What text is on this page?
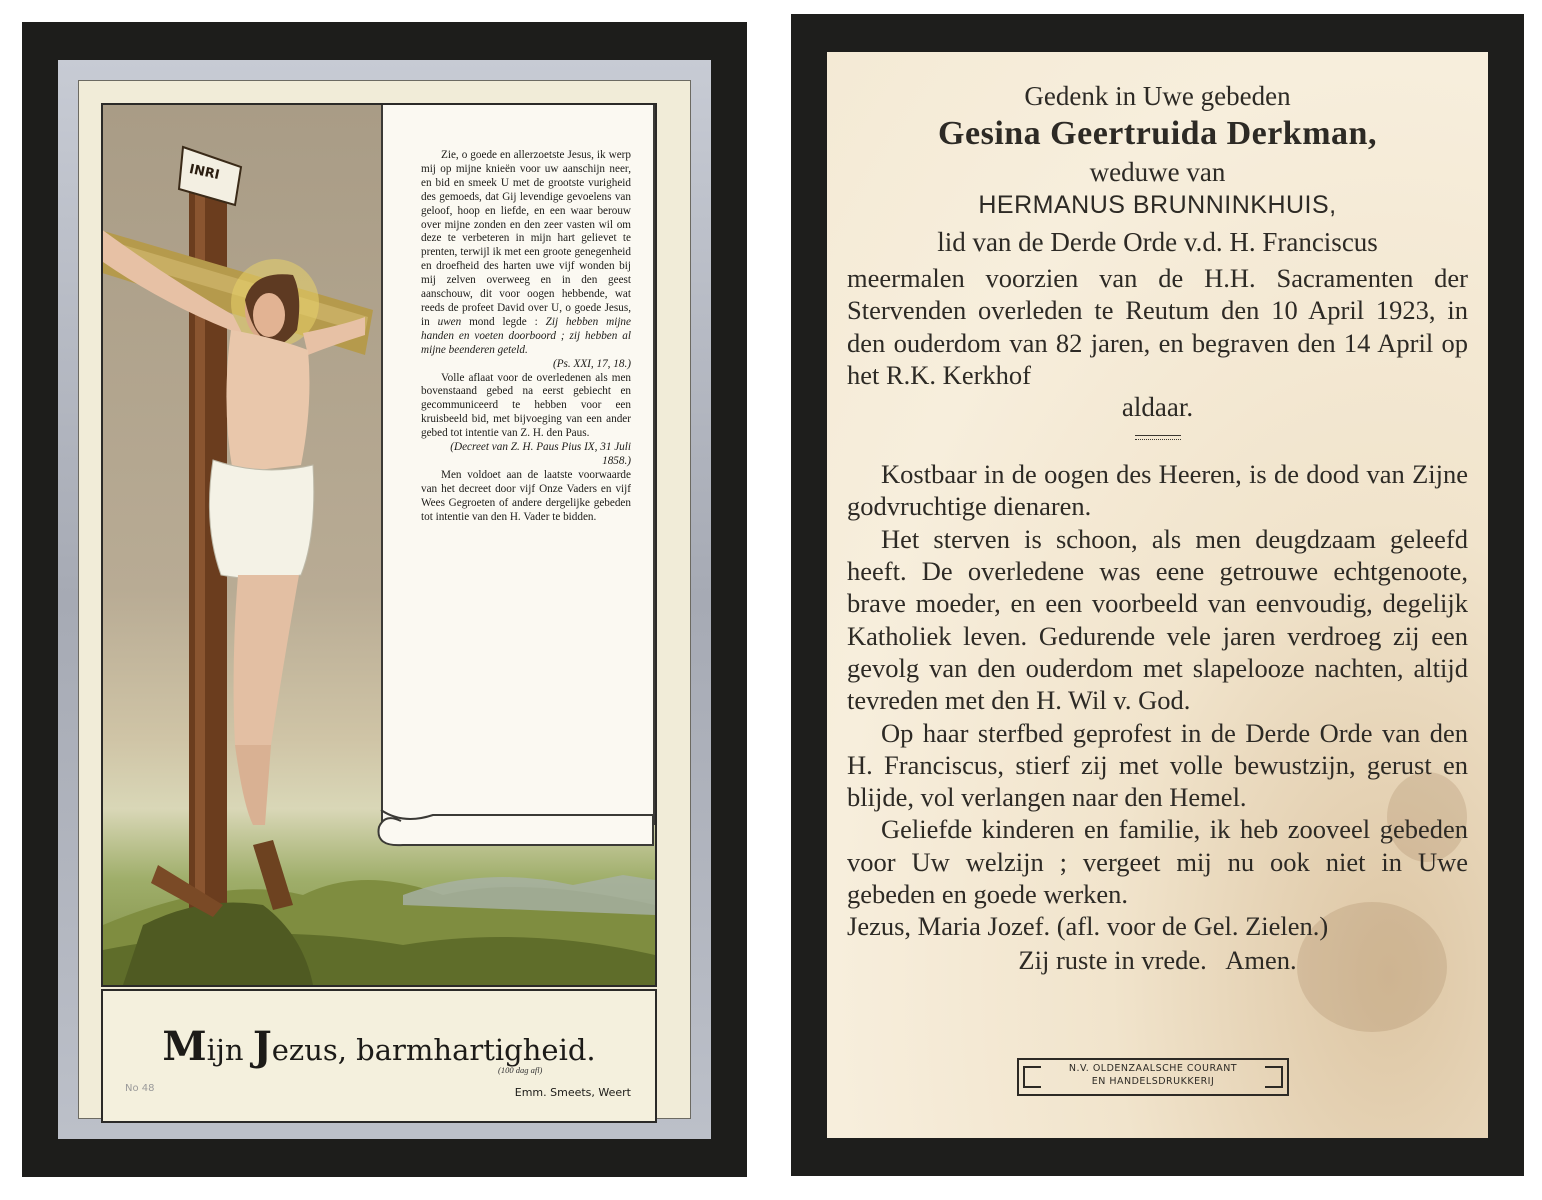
INRI

Zie, o goede en allerzoetste Jesus, ik werp mij op mijne knieën voor uw aanschijn neer, en bid en smeek U met de grootste vurigheid des gemoeds, dat Gij levendige gevoelens van geloof, hoop en liefde, en een waar berouw over mijne zonden en den zeer vasten wil om deze te verbeteren in mijn hart gelievet te prenten, terwijl ik met een groote genegenheid en droefheid des harten uwe vijf wonden bij mij zelven overweeg en in den geest aanschouw, dit voor oogen hebbende, wat reeds de profeet David over U, o goede Jesus, in uwen mond legde : Zij hebben mijne handen en voeten doorboord ; zij hebben al mijne beenderen geteld.

(Ps. XXI, 17, 18.)

Volle aflaat voor de overledenen als men bovenstaand gebed na eerst gebiecht en gecommuniceerd te hebben voor een kruisbeeld bid, met bijvoeging van een ander gebed tot intentie van Z. H. den Paus.

(Decreet van Z. H. Paus Pius IX, 31 Juli 1858.)

Men voldoet aan de laatste voorwaarde van het decreet door vijf Onze Vaders en vijf Wees Gegroeten of andere dergelijke gebeden tot intentie van den H. Vader te bidden.

Mijn Jezus, barmhartigheid.
(100 dag afl)
No 48	Emm. Smeets, Weert
Gedenk in Uwe gebeden
Gesina Geertruida Derkman,
weduwe van
HERMANUS BRUNNINKHUIS,
lid van de Derde Orde v.d. H. Franciscus

meermalen voorzien van de H.H. Sacramenten der Stervenden overleden te Reutum den 10 April 1923, in den ouderdom van 82 jaren, en begraven den 14 April op het R.K. Kerkhof

aldaar.

Kostbaar in de oogen des Heeren, is de dood van Zijne godvruchtige dienaren.

Het sterven is schoon, als men deugdzaam geleefd heeft. De overledene was eene getrouwe echtgenoote, brave moeder, en een voorbeeld van eenvoudig, degelijk Katholiek leven. Gedurende vele jaren verdroeg zij een gevolg van den ouderdom met slapelooze nachten, altijd tevreden met den H. Wil v. God.

Op haar sterfbed geprofest in de Derde Orde van den H. Franciscus, stierf zij met volle bewustzijn, gerust en blijde, vol verlangen naar den Hemel.

Geliefde kinderen en familie, ik heb zooveel gebeden voor Uw welzijn ; vergeet mij nu ook niet in Uwe gebeden en goede werken.

Jezus, Maria Jozef. (afl. voor de Gel. Zielen.)

Zij ruste in vrede.   Amen.
N.V. OLDENZAALSCHE COURANT
EN HANDELSDRUKKERIJ
